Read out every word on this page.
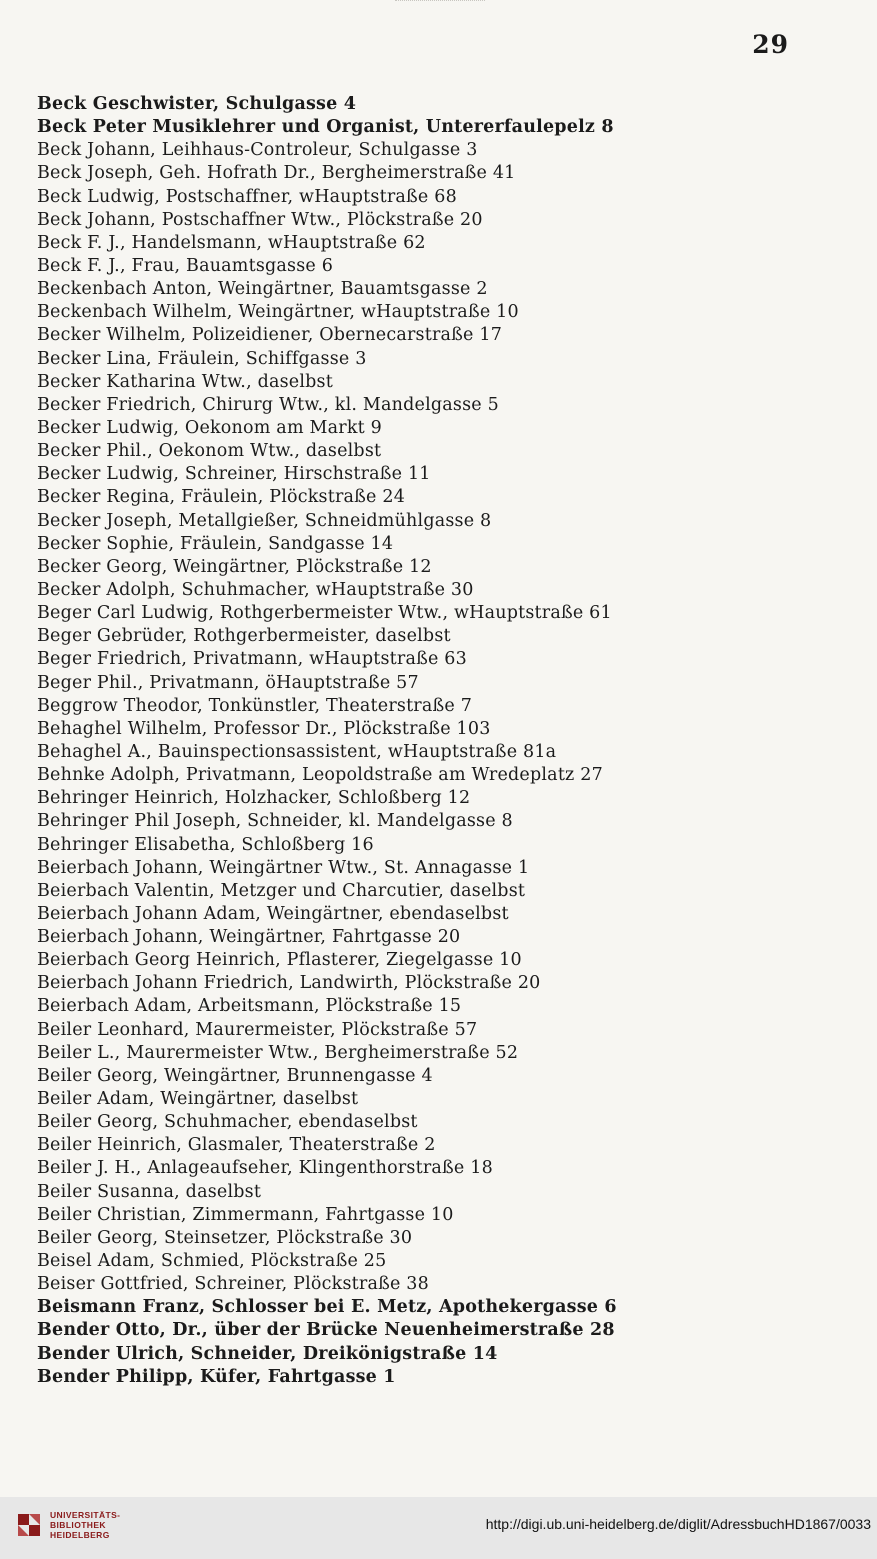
29
Beck Geschwister, Schulgasse 4
Beck Peter Musiklehrer und Organist, Untererfaulepelz 8
Beck Johann, Leihhaus-Controleur, Schulgasse 3
Beck Joseph, Geh. Hofrath Dr., Bergheimerstraße 41
Beck Ludwig, Postschaffner, wHauptstraße 68
Beck Johann, Postschaffner Wtw., Plöckstraße 20
Beck F. J., Handelsmann, wHauptstraße 62
Beck F. J., Frau, Bauamtsgasse 6
Beckenbach Anton, Weingärtner, Bauamtsgasse 2
Beckenbach Wilhelm, Weingärtner, wHauptstraße 10
Becker Wilhelm, Polizeidiener, Obernecarstraße 17
Becker Lina, Fräulein, Schiffgasse 3
Becker Katharina Wtw., daselbst
Becker Friedrich, Chirurg Wtw., kl. Mandelgasse 5
Becker Ludwig, Oekonom am Markt 9
Becker Phil., Oekonom Wtw., daselbst
Becker Ludwig, Schreiner, Hirschstraße 11
Becker Regina, Fräulein, Plöckstraße 24
Becker Joseph, Metallgießer, Schneidmühlgasse 8
Becker Sophie, Fräulein, Sandgasse 14
Becker Georg, Weingärtner, Plöckstraße 12
Becker Adolph, Schuhmacher, wHauptstraße 30
Beger Carl Ludwig, Rothgerbermeister Wtw., wHauptstraße 61
Beger Gebrüder, Rothgerbermeister, daselbst
Beger Friedrich, Privatmann, wHauptstraße 63
Beger Phil., Privatmann, öHauptstraße 57
Beggrow Theodor, Tonkünstler, Theaterstraße 7
Behaghel Wilhelm, Professor Dr., Plöckstraße 103
Behaghel A., Bauinspectionsassistent, wHauptstraße 81a
Behnke Adolph, Privatmann, Leopoldstraße am Wredeplatz 27
Behringer Heinrich, Holzhacker, Schloßberg 12
Behringer Phil Joseph, Schneider, kl. Mandelgasse 8
Behringer Elisabetha, Schloßberg 16
Beierbach Johann, Weingärtner Wtw., St. Annagasse 1
Beierbach Valentin, Metzger und Charcutier, daselbst
Beierbach Johann Adam, Weingärtner, ebendaselbst
Beierbach Johann, Weingärtner, Fahrtgasse 20
Beierbach Georg Heinrich, Pflasterer, Ziegelgasse 10
Beierbach Johann Friedrich, Landwirth, Plöckstraße 20
Beierbach Adam, Arbeitsmann, Plöckstraße 15
Beiler Leonhard, Maurermeister, Plöckstraße 57
Beiler L., Maurermeister Wtw., Bergheimerstraße 52
Beiler Georg, Weingärtner, Brunnengasse 4
Beiler Adam, Weingärtner, daselbst
Beiler Georg, Schuhmacher, ebendaselbst
Beiler Heinrich, Glasmaler, Theaterstraße 2
Beiler J. H., Anlageaufseher, Klingenthorstraße 18
Beiler Susanna, daselbst
Beiler Christian, Zimmermann, Fahrtgasse 10
Beiler Georg, Steinsetzer, Plöckstraße 30
Beisel Adam, Schmied, Plöckstraße 25
Beiser Gottfried, Schreiner, Plöckstraße 38
Beismann Franz, Schlosser bei E. Metz, Apothekergasse 6
Bender Otto, Dr., über der Brücke Neuenheimerstraße 28
Bender Ulrich, Schneider, Dreikönigstraße 14
Bender Philipp, Küfer, Fahrtgasse 1
UNIVERSITÄTS-
BIBLIOTHEK
HEIDELBERG
http://digi.ub.uni-heidelberg.de/diglit/AdressbuchHD1867/0033
